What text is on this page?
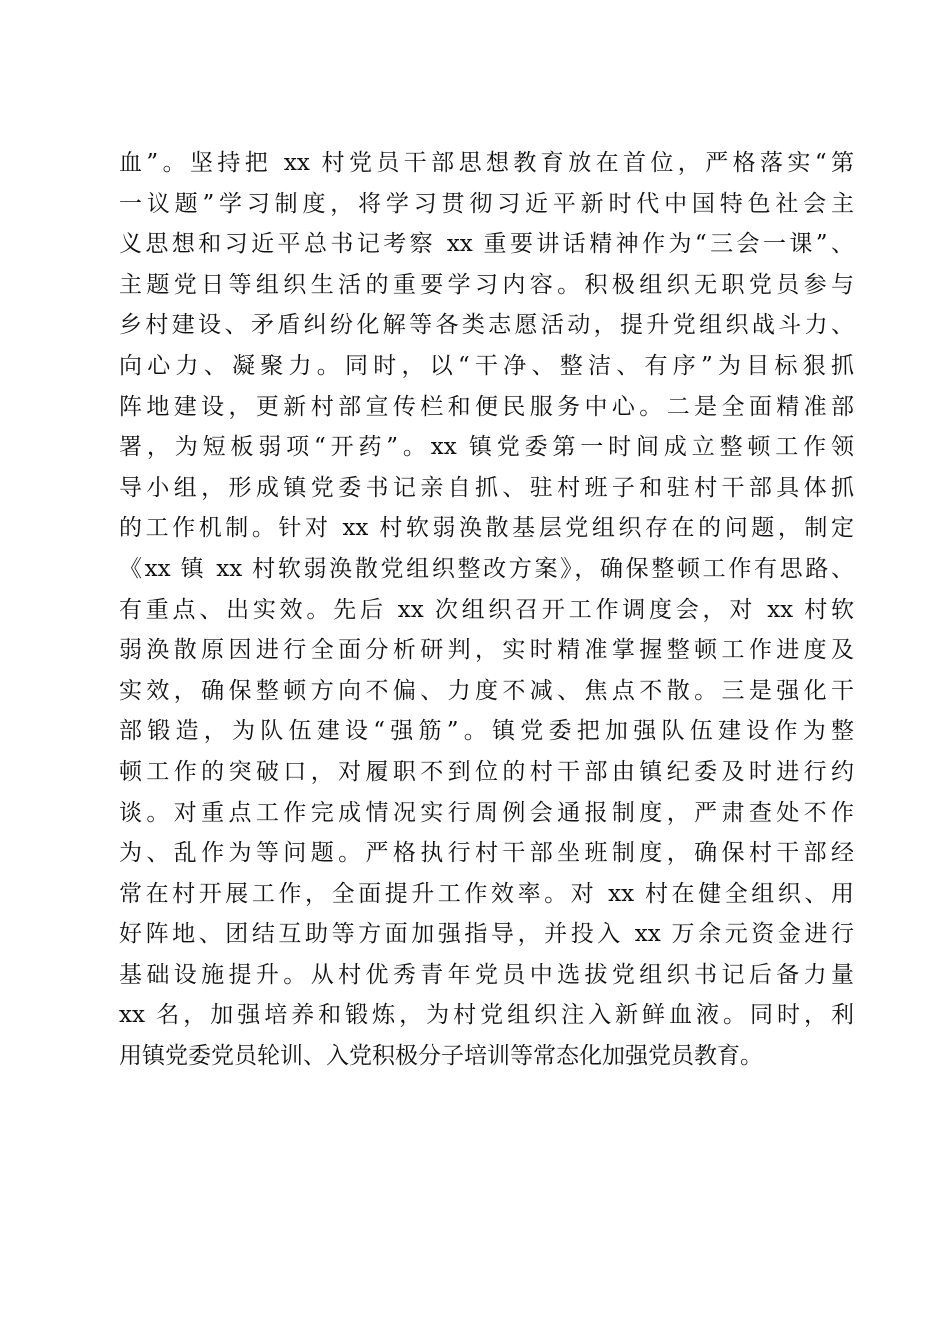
血”。坚持把 xx 村党员干部思想教育放在首位，严格落实“第
一议题”学习制度，将学习贯彻习近平新时代中国特色社会主
义思想和习近平总书记考察 xx 重要讲话精神作为“三会一课”、
主题党日等组织生活的重要学习内容。积极组织无职党员参与
乡村建设、矛盾纠纷化解等各类志愿活动，提升党组织战斗力、
向心力、凝聚力。同时，以“干净、整洁、有序”为目标狠抓
阵地建设，更新村部宣传栏和便民服务中心。二是全面精准部
署，为短板弱项“开药”。xx 镇党委第一时间成立整顿工作领
导小组，形成镇党委书记亲自抓、驻村班子和驻村干部具体抓
的工作机制。针对 xx 村软弱涣散基层党组织存在的问题，制定
《xx 镇 xx 村软弱涣散党组织整改方案》，确保整顿工作有思路、
有重点、出实效。先后 xx 次组织召开工作调度会，对 xx 村软
弱涣散原因进行全面分析研判，实时精准掌握整顿工作进度及
实效，确保整顿方向不偏、力度不减、焦点不散。三是强化干
部锻造，为队伍建设“强筋”。镇党委把加强队伍建设作为整
顿工作的突破口，对履职不到位的村干部由镇纪委及时进行约
谈。对重点工作完成情况实行周例会通报制度，严肃查处不作
为、乱作为等问题。严格执行村干部坐班制度，确保村干部经
常在村开展工作，全面提升工作效率。对 xx 村在健全组织、用
好阵地、团结互助等方面加强指导，并投入 xx 万余元资金进行
基础设施提升。从村优秀青年党员中选拔党组织书记后备力量
xx 名，加强培养和锻炼，为村党组织注入新鲜血液。同时，利
用镇党委党员轮训、入党积极分子培训等常态化加强党员教育。
